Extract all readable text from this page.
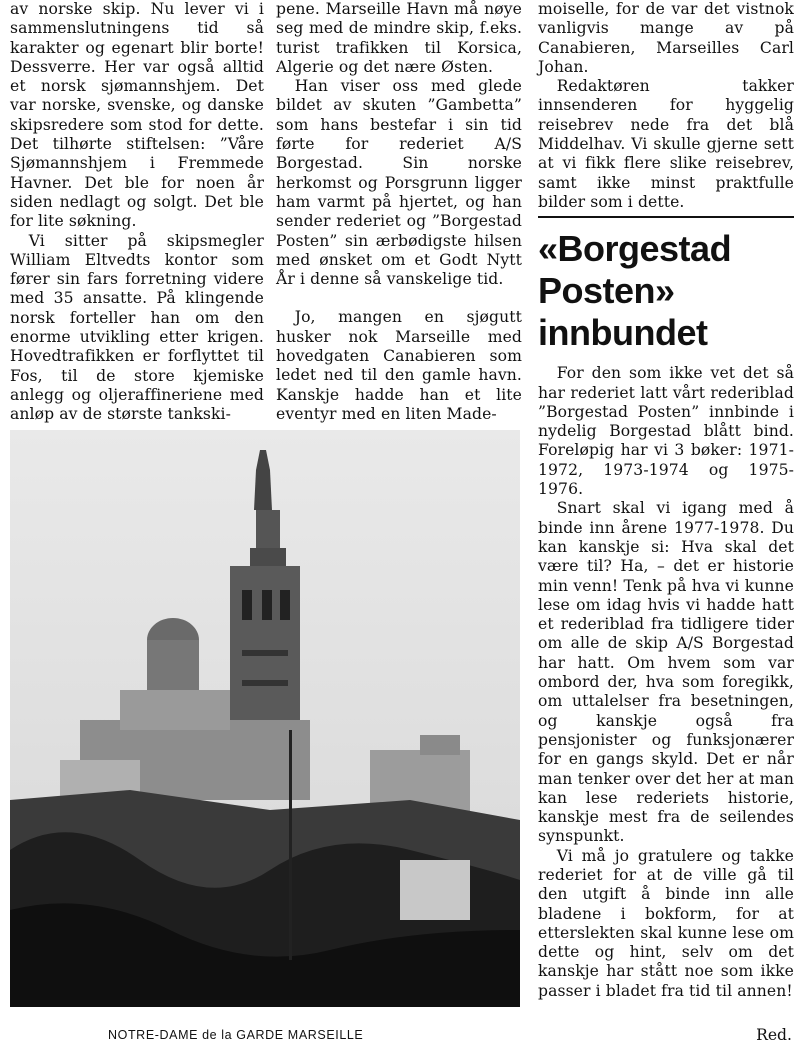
av norske skip. Nu lever vi i sammenslutningens tid så karakter og egenart blir borte! Dessverre. Her var også alltid et norsk sjømannshjem. Det var norske, svenske, og danske skipsredere som stod for dette. Det tilhørte stiftelsen: ”Våre Sjømannshjem i Fremmede Havner. Det ble for noen år siden nedlagt og solgt. Det ble for lite søkning.

Vi sitter på skipsmegler William Eltvedts kontor som fører sin fars forretning videre med 35 ansatte. På klingende norsk forteller han om den enorme utvikling etter krigen. Hovedtrafikken er forflyttet til Fos, til de store kjemiske anlegg og oljeraffineriene med anløp av de største tankski-

pene. Marseille Havn må nøye seg med de mindre skip, f.eks. turist trafikken til Korsica, Algerie og det nære Østen.

Han viser oss med glede bildet av skuten ”Gambetta” som hans bestefar i sin tid førte for rederiet A/S Borgestad. Sin norske herkomst og Porsgrunn ligger ham varmt på hjertet, og han sender rederiet og ”Borgestad Posten” sin ærbødigste hilsen med ønsket om et Godt Nytt År i denne så vanskelige tid.

Jo, mangen en sjøgutt husker nok Marseille med hovedgaten Canabieren som ledet ned til den gamle havn. Kanskje hadde han et lite eventyr med en liten Made-

moiselle, for de var det vistnok vanligvis mange av på Canabieren, Marseilles Carl Johan.

Redaktøren takker innsenderen for hyggelig reisebrev nede fra det blå Middelhav. Vi skulle gjerne sett at vi fikk flere slike reisebrev, samt ikke minst praktfulle bilder som i dette.

«Borgestad Posten» innbundet

For den som ikke vet det så har rederiet latt vårt rederiblad ”Borgestad Posten” innbinde i nydelig Borgestad blått bind. Foreløpig har vi 3 bøker: 1971-1972, 1973-1974 og 1975-1976.

Snart skal vi igang med å binde inn årene 1977-1978. Du kan kanskje si: Hva skal det være til? Ha, – det er historie min venn! Tenk på hva vi kunne lese om idag hvis vi hadde hatt et rederiblad fra tidligere tider om alle de skip A/S Borgestad har hatt. Om hvem som var ombord der, hva som foregikk, om uttalelser fra besetningen, og kanskje også fra pensjonister og funksjonærer for en gangs skyld. Det er når man tenker over det her at man kan lese rederiets historie, kanskje mest fra de seilendes synspunkt.

Vi må jo gratulere og takke rederiet for at de ville gå til den utgift å binde inn alle bladene i bokform, for at etterslekten skal kunne lese om dette og hint, selv om det kanskje har stått noe som ikke passer i bladet fra tid til annen!

NOTRE-DAME de la GARDE MARSEILLE	Red.
